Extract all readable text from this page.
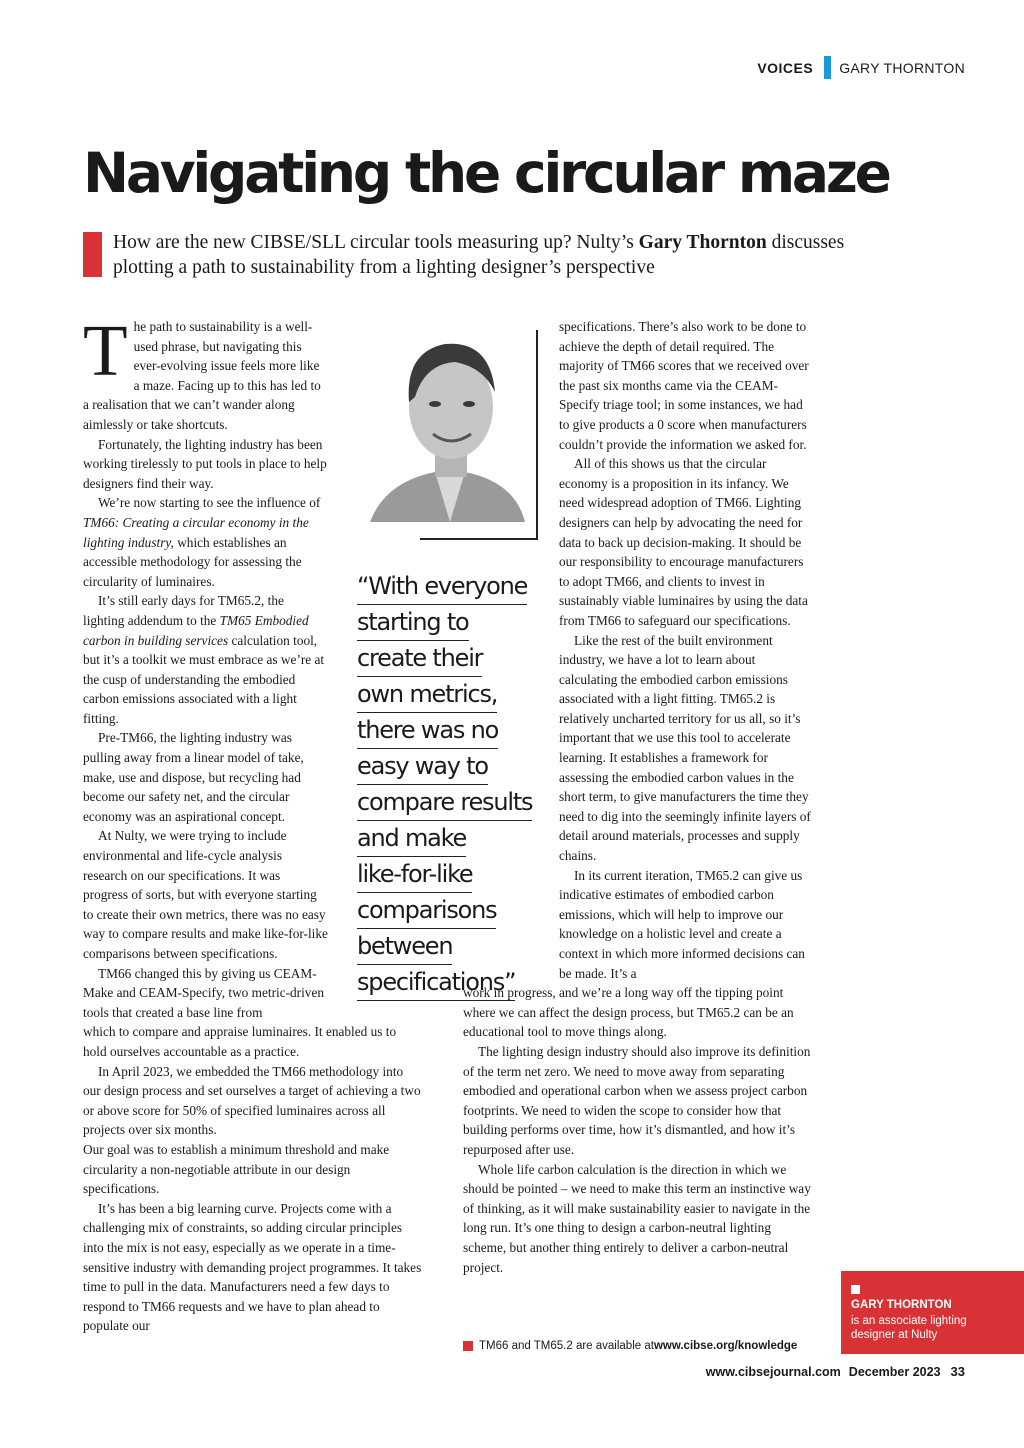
VOICES GARY THORNTON
Navigating the circular maze

How are the new CIBSE/SLL circular tools measuring up? Nulty’s Gary Thornton discusses plotting a path to sustainability from a lighting designer’s perspective

The path to sustainability is a well-used phrase, but navigating this ever-evolving issue feels more like a maze. Facing up to this has led to a realisation that we can’t wander along aimlessly or take shortcuts.

Fortunately, the lighting industry has been working tirelessly to put tools in place to help designers find their way.

We’re now starting to see the influence of TM66: Creating a circular economy in the lighting industry, which establishes an accessible methodology for assessing the circularity of luminaires.

It’s still early days for TM65.2, the lighting addendum to the TM65 Embodied carbon in building services calculation tool, but it’s a toolkit we must embrace as we’re at the cusp of understanding the embodied carbon emissions associated with a light fitting.

Pre-TM66, the lighting industry was pulling away from a linear model of take, make, use and dispose, but recycling had become our safety net, and the circular economy was an aspirational concept.

At Nulty, we were trying to include environmental and life-cycle analysis research on our specifications. It was progress of sorts, but with everyone starting to create their own metrics, there was no easy way to compare results and make like-for-like comparisons between specifications.

TM66 changed this by giving us CEAM-Make and CEAM-Specify, two metric-driven tools that created a base line from

which to compare and appraise luminaires. It enabled us to hold ourselves accountable as a practice.

In April 2023, we embedded the TM66 methodology into our design process and set ourselves a target of achieving a two or above score for 50% of specified luminaires across all projects over six months.

Our goal was to establish a minimum threshold and make circularity a non-negotiable attribute in our design specifications.

It’s has been a big learning curve. Projects come with a challenging mix of constraints, so adding circular principles into the mix is not easy, especially as we operate in a time-sensitive industry with demanding project programmes. It takes time to pull in the data. Manufacturers need a few days to respond to TM66 requests and we have to plan ahead to populate our

“With everyone
starting to
create their
own metrics,
there was no
easy way to
compare results
and make
like-for-like
comparisons
between
specifications”

specifications. There’s also work to be done to achieve the depth of detail required. The majority of TM66 scores that we received over the past six months came via the CEAM-Specify triage tool; in some instances, we had to give products a 0 score when manufacturers couldn’t provide the information we asked for.

All of this shows us that the circular economy is a proposition in its infancy. We need widespread adoption of TM66. Lighting designers can help by advocating the need for data to back up decision-making. It should be our responsibility to encourage manufacturers to adopt TM66, and clients to invest in sustainably viable luminaires by using the data from TM66 to safeguard our specifications.

Like the rest of the built environment industry, we have a lot to learn about calculating the embodied carbon emissions associated with a light fitting. TM65.2 is relatively uncharted territory for us all, so it’s important that we use this tool to accelerate learning. It establishes a framework for assessing the embodied carbon values in the short term, to give manufacturers the time they need to dig into the seemingly infinite layers of detail around materials, processes and supply chains.

In its current iteration, TM65.2 can give us indicative estimates of embodied carbon emissions, which will help to improve our knowledge on a holistic level and create a context in which more informed decisions can be made. It’s a

work in progress, and we’re a long way off the tipping point where we can affect the design process, but TM65.2 can be an educational tool to move things along.

The lighting design industry should also improve its definition of the term net zero. We need to move away from separating embodied and operational carbon when we assess project carbon footprints. We need to widen the scope to consider how that building performs over time, how it’s dismantled, and how it’s repurposed after use.

Whole life carbon calculation is the direction in which we should be pointed – we need to make this term an instinctive way of thinking, as it will make sustainability easier to navigate in the long run. It’s one thing to design a carbon-neutral lighting scheme, but another thing entirely to deliver a carbon-neutral project.

TM66 and TM65.2 are available at www.cibse.org/knowledge
GARY THORNTON
is an associate lighting designer at Nulty
www.cibsejournal.com December 2023 33
